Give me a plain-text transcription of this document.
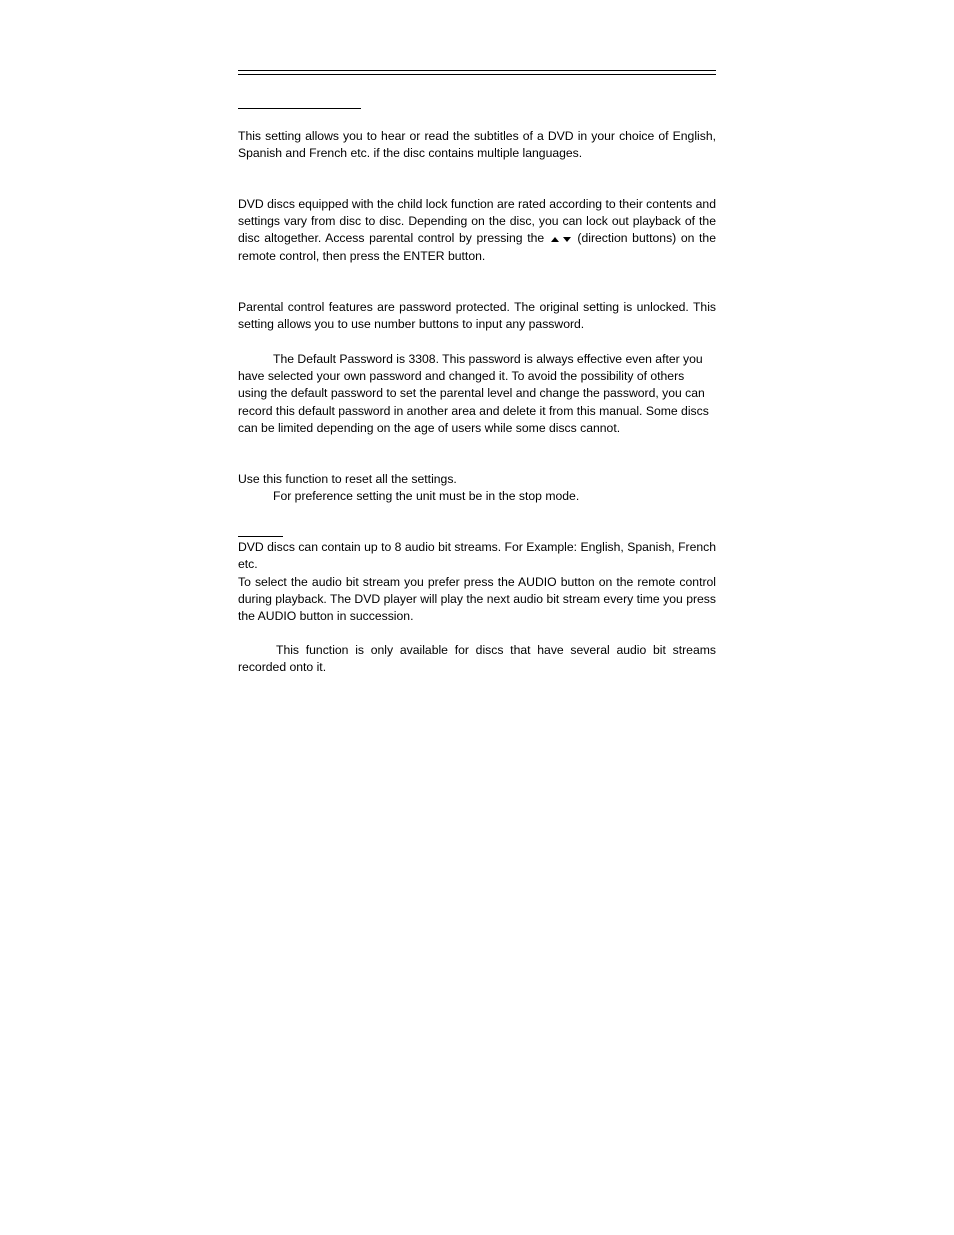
This setting allows you to hear or read the subtitles of a DVD in your choice of English, Spanish and French etc. if the disc contains multiple languages.

DVD discs equipped with the child lock function are rated according to their contents and settings vary from disc to disc. Depending on the disc, you can lock out playback of the disc altogether. Access parental control by pressing the	(direction buttons) on the remote control, then press the ENTER button.

Parental control features are password protected. The original setting is unlocked. This setting allows you to use number buttons to input any password.

The Default Password is 3308. This password is always effective even after you have selected your own password and changed it. To avoid the possibility of others using the default password to set the parental level and change the password, you can record this default password in another area and delete it from this manual. Some discs can be limited depending on the age of users while some discs cannot.

Use this function to reset all the settings.

For preference setting the unit must be in the stop mode.

DVD discs can contain up to 8 audio bit streams. For Example: English, Spanish, French etc.

To select the audio bit stream you prefer press the AUDIO button on the remote control during playback. The DVD player will play the next audio bit stream every time you press the AUDIO button in succession.

This function is only available for discs that have several audio bit streams recorded onto it.
